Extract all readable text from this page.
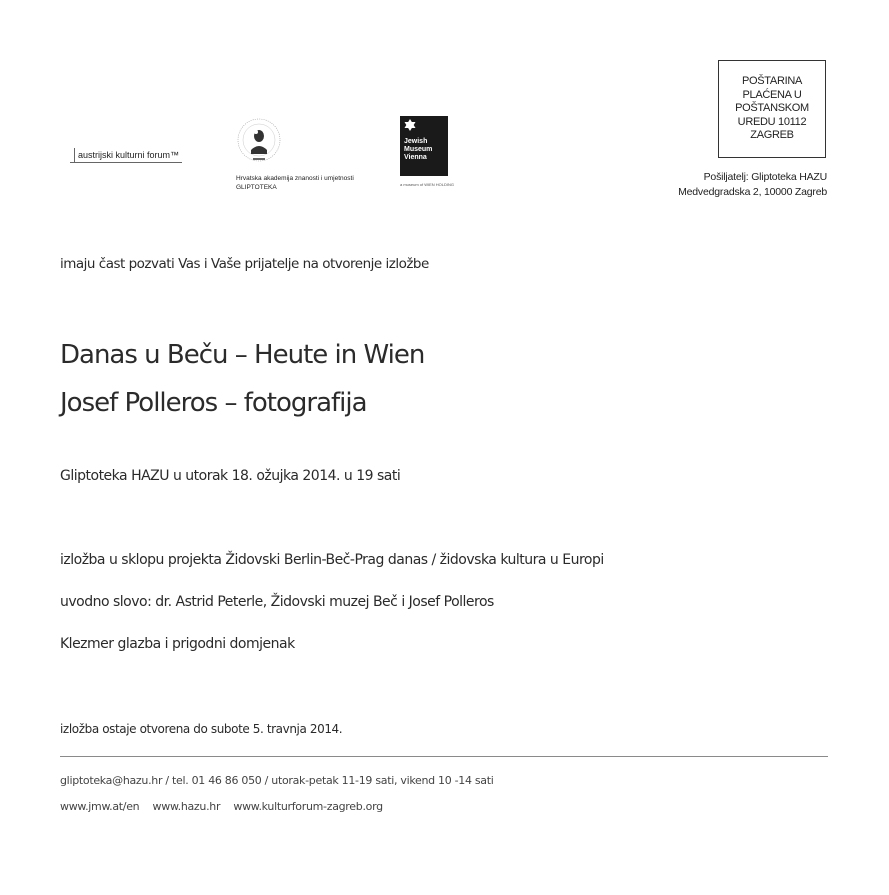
austrijski kulturni forum™
Hrvatska akademija znanosti i umjetnosti
GLIPTOTEKA
Jewish
Museum
Vienna
a museum of WIEN HOLDING
POŠTARINA
PLAĆENA U
POŠTANSKOM
UREDU 10112
ZAGREB
Pošiljatelj: Gliptoteka HAZU
Medvedgradska 2, 10000 Zagreb
imaju čast pozvati Vas i Vaše prijatelje na otvorenje izložbe
Danas u Beču – Heute in Wien
Josef Polleros – fotografija
Gliptoteka HAZU u utorak 18. ožujka 2014. u 19 sati
izložba u sklopu projekta Židovski Berlin-Beč-Prag danas / židovska kultura u Europi
uvodno slovo: dr. Astrid Peterle, Židovski muzej Beč i Josef Polleros
Klezmer glazba i prigodni domjenak
izložba ostaje otvorena do subote 5. travnja 2014.
gliptoteka@hazu.hr / tel. 01 46 86 050 / utorak-petak 11-19 sati, vikend 10 -14 sati
www.jmw.at/en www.hazu.hr www.kulturforum-zagreb.org
